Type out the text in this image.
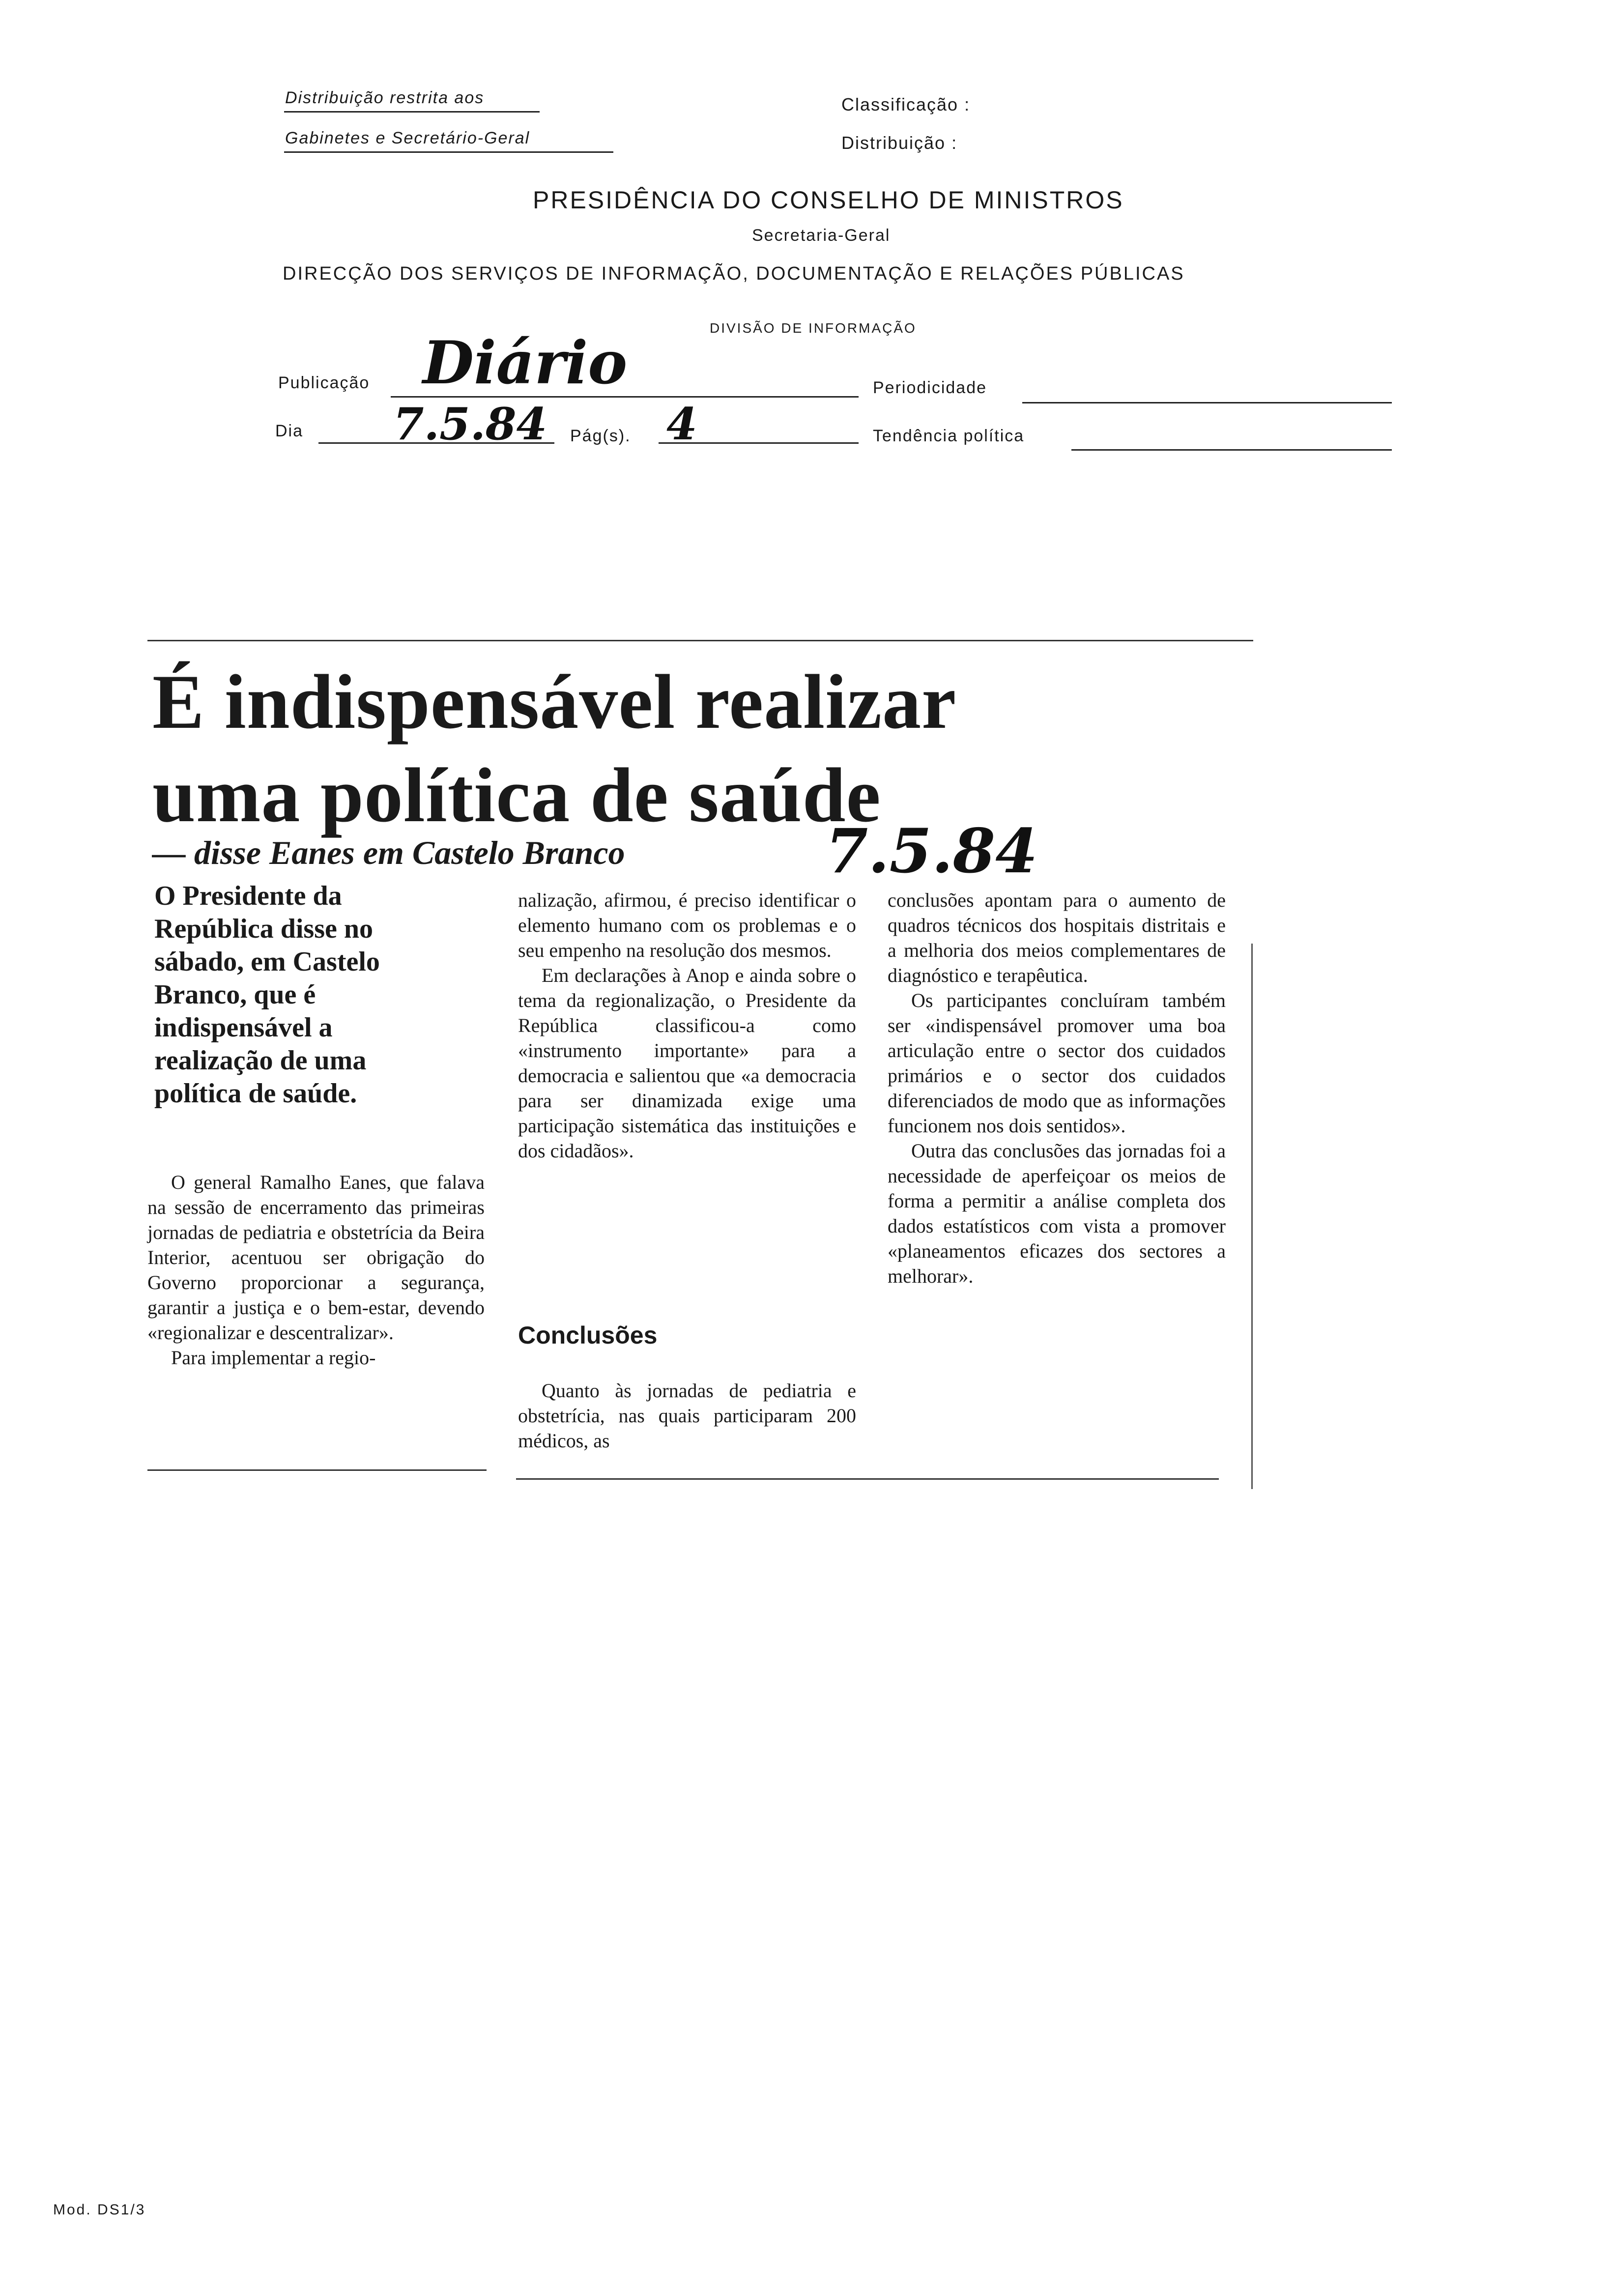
Distribuição restrita aos
Gabinetes e Secretário-Geral
Classificação :
Distribuição :
PRESIDÊNCIA DO CONSELHO DE MINISTROS
Secretaria-Geral
DIRECÇÃO DOS SERVIÇOS DE INFORMAÇÃO, DOCUMENTAÇÃO E RELAÇÕES PÚBLICAS
DIVISÃO DE INFORMAÇÃO
Publicação Diário	Periodicidade
Dia 7.5.84 Pág(s). 4	Tendência política
É indispensável realizar
uma política de saúde
— disse Eanes em Castelo Branco	7.5.84
O Presidente da República disse no sábado, em Castelo Branco, que é indispensável a realização de uma política de saúde.

O general Ramalho Eanes, que falava na sessão de encerramento das primeiras jornadas de pediatria e obstetrícia da Beira Interior, acentuou ser obrigação do Governo proporcionar a segurança, garantir a justiça e o bem-estar, devendo «regionalizar e descentralizar».

Para implementar a regio-

nalização, afirmou, é preciso identificar o elemento humano com os problemas e o seu empenho na resolução dos mesmos.

Em declarações à Anop e ainda sobre o tema da regionalização, o Presidente da República classificou-a como «instrumento importante» para a democracia e salientou que «a democracia para ser dinamizada exige uma participação sistemática das instituições e dos cidadãos».

Conclusões

Quanto às jornadas de pediatria e obstetrícia, nas quais participaram 200 médicos, as

conclusões apontam para o aumento de quadros técnicos dos hospitais distritais e a melhoria dos meios complementares de diagnóstico e terapêutica.

Os participantes concluíram também ser «indispensável promover uma boa articulação entre o sector dos cuidados primários e o sector dos cuidados diferenciados de modo que as informações funcionem nos dois sentidos».

Outra das conclusões das jornadas foi a necessidade de aperfeiçoar os meios de forma a permitir a análise completa dos dados estatísticos com vista a promover «planeamentos eficazes dos sectores a melhorar».

Mod. DS1/3
